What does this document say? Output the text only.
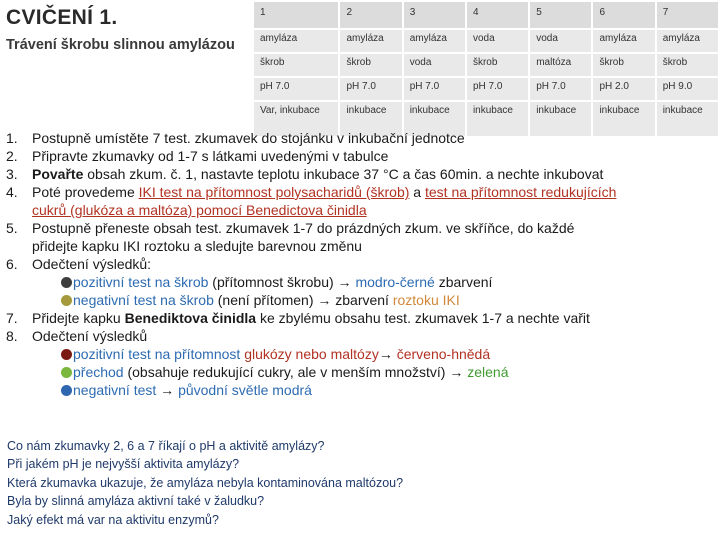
CVIČENÍ 1.
Trávení škrobu slinnou amylázou
1	2	3	4	5	6	7
amyláza	amyláza	amyláza	voda	voda	amyláza	amyláza
škrob	škrob	voda	škrob	maltóza	škrob	škrob
pH 7.0	pH 7.0	pH 7.0	pH 7.0	pH 7.0	pH 2.0	pH 9.0
Var, inkubace	inkubace	inkubace	inkubace	inkubace	inkubace	inkubace
1. Postupně umístěte 7 test. zkumavek do stojánku v inkubační jednotce
2. Připravte zkumavky od 1-7 s látkami uvedenými v tabulce
3. Povařte obsah zkum. č. 1, nastavte teplotu inkubace 37 °C a čas 60min. a nechte inkubovat
4. Poté provedeme IKI test na přítomnost polysacharidů (škrob) a test na přítomnost redukujících
cukrů (glukóza a maltóza) pomocí Benedictova činidla
5. Postupně přeneste obsah test. zkumavek 1-7 do prázdných zkum. ve skříňce, do každé
přidejte kapku IKI roztoku a sledujte barevnou změnu
6. Odečtení výsledků:
pozitivní test na škrob (přítomnost škrobu) → modro-černé zbarvení
negativní test na škrob (není přítomen) → zbarvení roztoku IKI
7. Přidejte kapku Benediktova činidla ke zbylému obsahu test. zkumavek 1-7 a nechte vařit
8. Odečtení výsledků
pozitivní test na přítomnost glukózy nebo maltózy→ červeno-hnědá
přechod (obsahuje redukující cukry, ale v menším množství) → zelená
negativní test → původní světle modrá
Co nám zkumavky 2, 6 a 7 říkají o pH a aktivitě amylázy?
Při jakém pH je nejvyšší aktivita amylázy?
Která zkumavka ukazuje, že amyláza nebyla kontaminována maltózou?
Byla by slinná amyláza aktivní také v žaludku?
Jaký efekt má var na aktivitu enzymů?
